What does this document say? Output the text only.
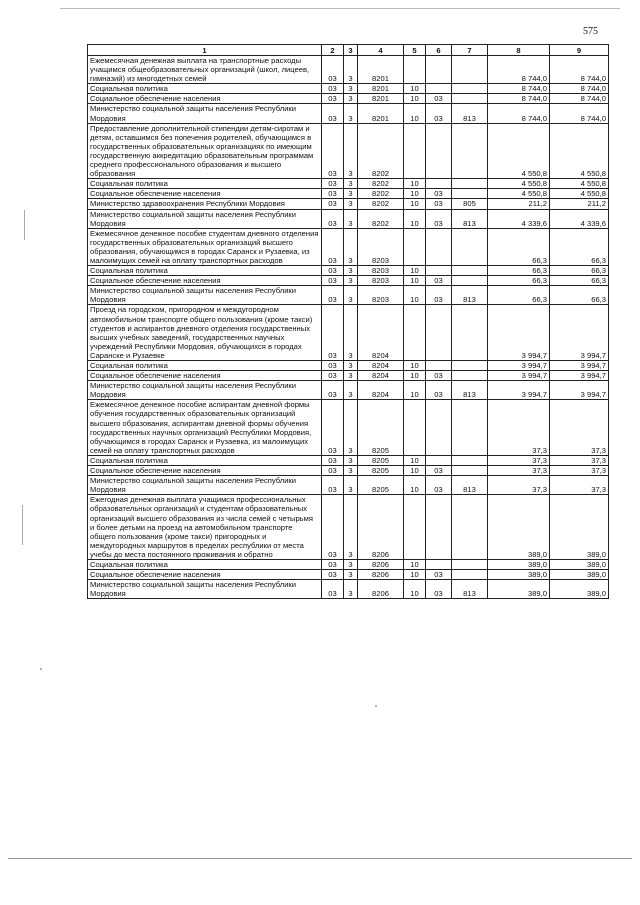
575
1	2	3	4	5	6	7	8	9
Ежемесячная денежная выплата на транспортные расходы учащимся общеобразовательных организаций (школ, лицеев, гимназий) из многодетных семей	03	3	8201				8 744,0	8 744,0
Социальная политика	03	3	8201	10			8 744,0	8 744,0
Социальное обеспечение населения	03	3	8201	10	03		8 744,0	8 744,0
Министерство социальной защиты населения Республики Мордовия	03	3	8201	10	03	813	8 744,0	8 744,0
Предоставление дополнительной стипендии детям-сиротам и детям, оставшимся без попечения родителей, обучающимся в государственных образовательных организациях по имеющим государственную аккредитацию образовательным программам среднего профессионального образования и высшего образования	03	3	8202				4 550,8	4 550,8
Социальная политика	03	3	8202	10			4 550,8	4 550,8
Социальное обеспечение населения	03	3	8202	10	03		4 550,8	4 550,8
Министерство здравоохранения Республики Мордовия	03	3	8202	10	03	805	211,2	211,2
Министерство социальной защиты населения Республики Мордовия	03	3	8202	10	03	813	4 339,6	4 339,6
Ежемесячное денежное пособие студентам дневного отделения государственных образовательных организаций высшего образования, обучающимся в городах Саранск и Рузаевка, из малоимущих семей на оплату транспортных расходов	03	3	8203				66,3	66,3
Социальная политика	03	3	8203	10			66,3	66,3
Социальное обеспечение населения	03	3	8203	10	03		66,3	66,3
Министерство социальной защиты населения Республики Мордовия	03	3	8203	10	03	813	66,3	66,3
Проезд на городском, пригородном и междугородном автомобильном транспорте общего пользования (кроме такси) студентов и аспирантов дневного отделения государственных высших учебных заведений, государственных научных учреждений Республики Мордовия, обучающихся в городах Саранске и Рузаевке	03	3	8204				3 994,7	3 994,7
Социальная политика	03	3	8204	10			3 994,7	3 994,7
Социальное обеспечение населения	03	3	8204	10	03		3 994,7	3 994,7
Министерство социальной защиты населения Республики Мордовия	03	3	8204	10	03	813	3 994,7	3 994,7
Ежемесячное денежное пособие аспирантам дневной формы обучения государственных образовательных организаций высшего образования, аспирантам дневной формы обучения государственных научных организаций Республики Мордовия, обучающимся в городах Саранск и Рузаевка, из малоимущих семей на оплату транспортных расходов	03	3	8205				37,3	37,3
Социальная политика	03	3	8205	10			37,3	37,3
Социальное обеспечение населения	03	3	8205	10	03		37,3	37,3
Министерство социальной защиты населения Республики Мордовия	03	3	8205	10	03	813	37,3	37,3
Ежегодная денежная выплата учащимся профессиональных образовательных организаций и студентам образовательных организаций высшего образования из числа семей с четырьмя и более детьми на проезд на автомобильном транспорте общего пользования (кроме такси) пригородных и междугородных маршрутов в пределах республики от места учебы до места постоянного проживания и обратно	03	3	8206				389,0	389,0
Социальная политика	03	3	8206	10			389,0	389,0
Социальное обеспечение населения	03	3	8206	10	03		389,0	389,0
Министерство социальной защиты населения Республики Мордовия	03	3	8206	10	03	813	389,0	389,0
